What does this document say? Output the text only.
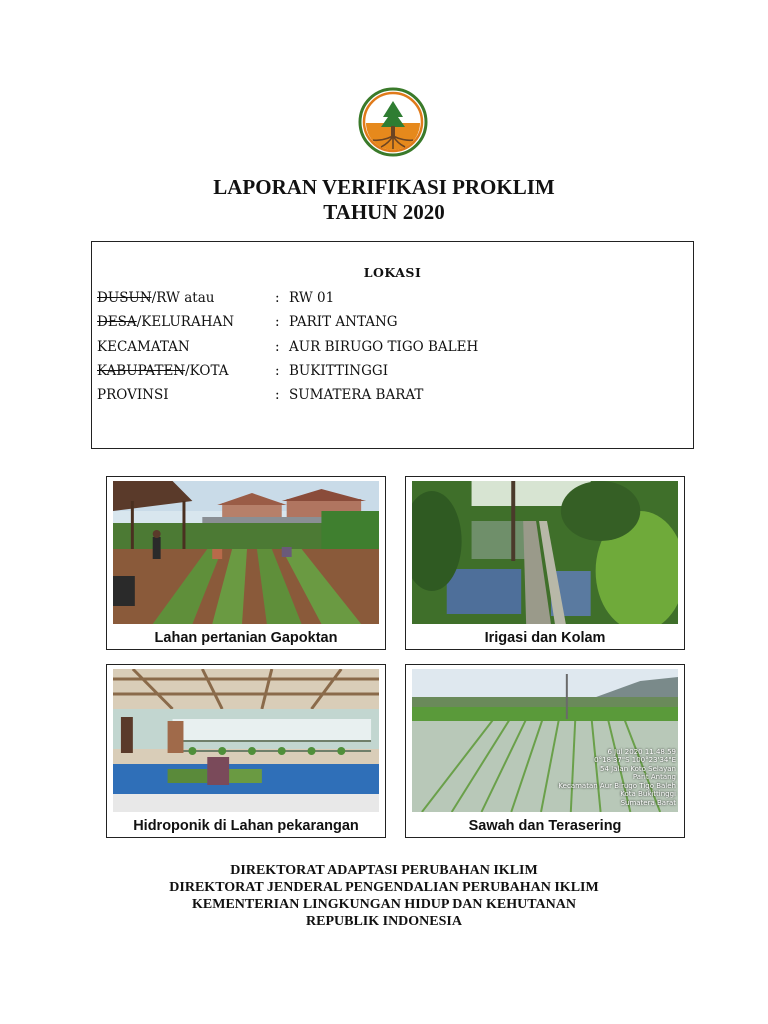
LAPORAN VERIFIKASI PROKLIM
TAHUN 2020
LOKASI
DUSUN/RW atau	: RW 01
DESA/KELURAHAN	: PARIT ANTANG
KECAMATAN	: AUR BIRUGO TIGO BALEH
KABUPATEN/KOTA	: BUKITTINGGI
PROVINSI	: SUMATERA BARAT
Lahan pertanian Gapoktan	Irigasi dan Kolam
Hidroponik di Lahan pekarangan
6 Jul 2020 11.48.59
0°18'37"S 100°23'34"E
54 Jalan Koto Selayan
Parit Antang
Kecamatan Aur Birugo Tigo Baleh
Kota Bukittinggi
Sumatera Barat
Sawah dan Terasering
DIREKTORAT ADAPTASI PERUBAHAN IKLIM
DIREKTORAT JENDERAL PENGENDALIAN PERUBAHAN IKLIM
KEMENTERIAN LINGKUNGAN HIDUP DAN KEHUTANAN
REPUBLIK INDONESIA
